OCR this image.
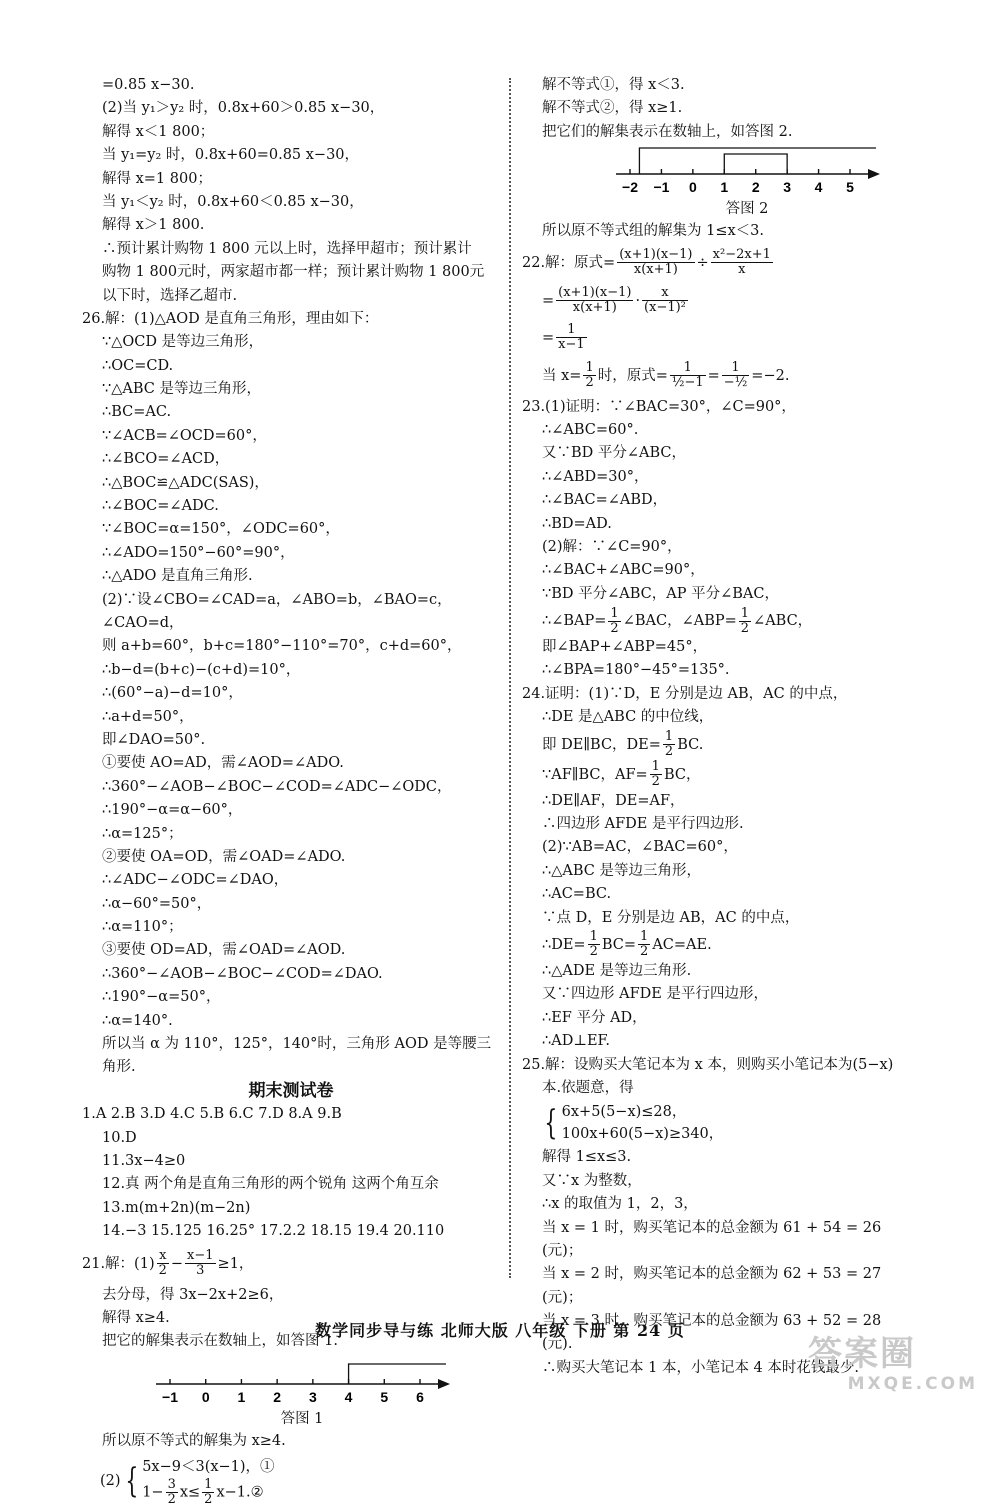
=0.85 x−30.
(2)当 y₁＞y₂ 时，0.8x+60＞0.85 x−30，
解得 x＜1 800；
当 y₁=y₂ 时，0.8x+60=0.85 x−30，
解得 x=1 800；
当 y₁＜y₂ 时，0.8x+60＜0.85 x−30，
解得 x＞1 800.
∴预计累计购物 1 800 元以上时，选择甲超市；预计累计
购物 1 800元时，两家超市都一样；预计累计购物 1 800元
以下时，选择乙超市.
26.解：(1)△AOD 是直角三角形，理由如下：
∵△OCD 是等边三角形，
∴OC=CD.
∵△ABC 是等边三角形，
∴BC=AC.
∵∠ACB=∠OCD=60°，
∴∠BCO=∠ACD，
∴△BOC≌△ADC(SAS)，
∴∠BOC=∠ADC.
∵∠BOC=α=150°，∠ODC=60°，
∴∠ADO=150°−60°=90°，
∴△ADO 是直角三角形.
(2)∵设∠CBO=∠CAD=a，∠ABO=b，∠BAO=c，
∠CAO=d，
则 a+b=60°，b+c=180°−110°=70°，c+d=60°，
∴b−d=(b+c)−(c+d)=10°，
∴(60°−a)−d=10°，
∴a+d=50°，
即∠DAO=50°.
①要使 AO=AD，需∠AOD=∠ADO.
∴360°−∠AOB−∠BOC−∠COD=∠ADC−∠ODC，
∴190°−α=α−60°，
∴α=125°；
②要使 OA=OD，需∠OAD=∠ADO.
∴∠ADC−∠ODC=∠DAO，
∴α−60°=50°，
∴α=110°；
③要使 OD=AD，需∠OAD=∠AOD.
∴360°−∠AOB−∠BOC−∠COD=∠DAO.
∴190°−α=50°，
∴α=140°.
所以当 α 为 110°，125°，140°时，三角形 AOD 是等腰三
角形.
期末测试卷
1.A 2.B 3.D 4.C 5.B 6.C 7.D 8.A 9.B
10.D
11.3x−4≥0
12.真 两个角是直角三角形的两个锐角 这两个角互余
13.m(m+2n)(m−2n)
14.−3 15.125 16.25° 17.2.2 18.15 19.4 20.110
21.解：$(1) \frac{x}{2} - \frac{x-1}{3} \ge 1$，
去分母，得 3x−2x+2≥6，
解得 x≥4.
把它的解集表示在数轴上，如答图 1.
−1 0 1 2 3 4 5 6
答图 1
所以原不等式的解集为 x≥4.
(2) { 5x−9＜3(x−1)，①
$1- \frac{3}{2} x\le \frac{1}{2}$ x−1.②
解不等式①，得 x＜3.
解不等式②，得 x≥1.
把它们的解集表示在数轴上，如答图 2.
−2 −1 0 1 2 3 4 5
答图 2
所以原不等式组的解集为 1≤x＜3.
22.解：原式= $\frac{(x+1)(x-1)}{x(x+1)} \div \frac{\text{x²−2x+1}}{x}$
= $\frac{(x+1)(x-1)}{x(x+1)} \cdot \frac{x}{\text{(x−1)²}}$
= $\frac{1}{x-1}$
当 $x= \frac{1}{2}$ 时，原式= $\frac{1}{\text{½−1}} = \frac{1}{\text{−½}} =-2$.
23.(1)证明：∵∠BAC=30°，∠C=90°，
∴∠ABC=60°.
又∵BD 平分∠ABC，
∴∠ABD=30°，
∴∠BAC=∠ABD，
∴BD=AD.
(2)解：∵∠C=90°，
∴∠BAC+∠ABC=90°，
∵BD 平分∠ABC，AP 平分∠BAC，
∴∠BAP= $\frac{1}{2}$ ∠BAC，∠ABP= $\frac{1}{2}$ ∠ABC，
即∠BAP+∠ABP=45°，
∴∠BPA=180°−45°=135°.
24.证明：(1)∵D，E 分别是边 AB，AC 的中点，
∴DE 是△ABC 的中位线，
即 DE∥BC，$DE= \frac{1}{2}$ BC.
∵AF∥BC，$AF= \frac{1}{2}$ BC，
∴DE∥AF，DE=AF，
∴四边形 AFDE 是平行四边形.
(2)∵AB=AC，∠BAC=60°，
∴△ABC 是等边三角形，
∴AC=BC.
∵点 D，E 分别是边 AB，AC 的中点，
∴DE= $\frac{1}{2} BC= \frac{1}{2} AC=AE$.
∴△ADE 是等边三角形.
又∵四边形 AFDE 是平行四边形，
∴EF 平分 AD，
∴AD⊥EF.
25.解：设购买大笔记本为 x 本，则购买小笔记本为(5−x)
本.依题意，得
{ 6x+5(5−x)≤28，
100x+60(5−x)≥340，
解得 1≤x≤3.
又∵x 为整数，
∴x 的取值为 1，2，3，
当 x = 1 时，购买笔记本的总金额为 61 + 54 = 26
(元)；
当 x = 2 时，购买笔记本的总金额为 62 + 53 = 27
(元)；
当 x = 3 时，购买笔记本的总金额为 63 + 52 = 28
(元).
∴购买大笔记本 1 本，小笔记本 4 本时花钱最少.
数学同步导与练 北师大版 八年级 下册 第 24 页
答案圈
MXQE.COM
